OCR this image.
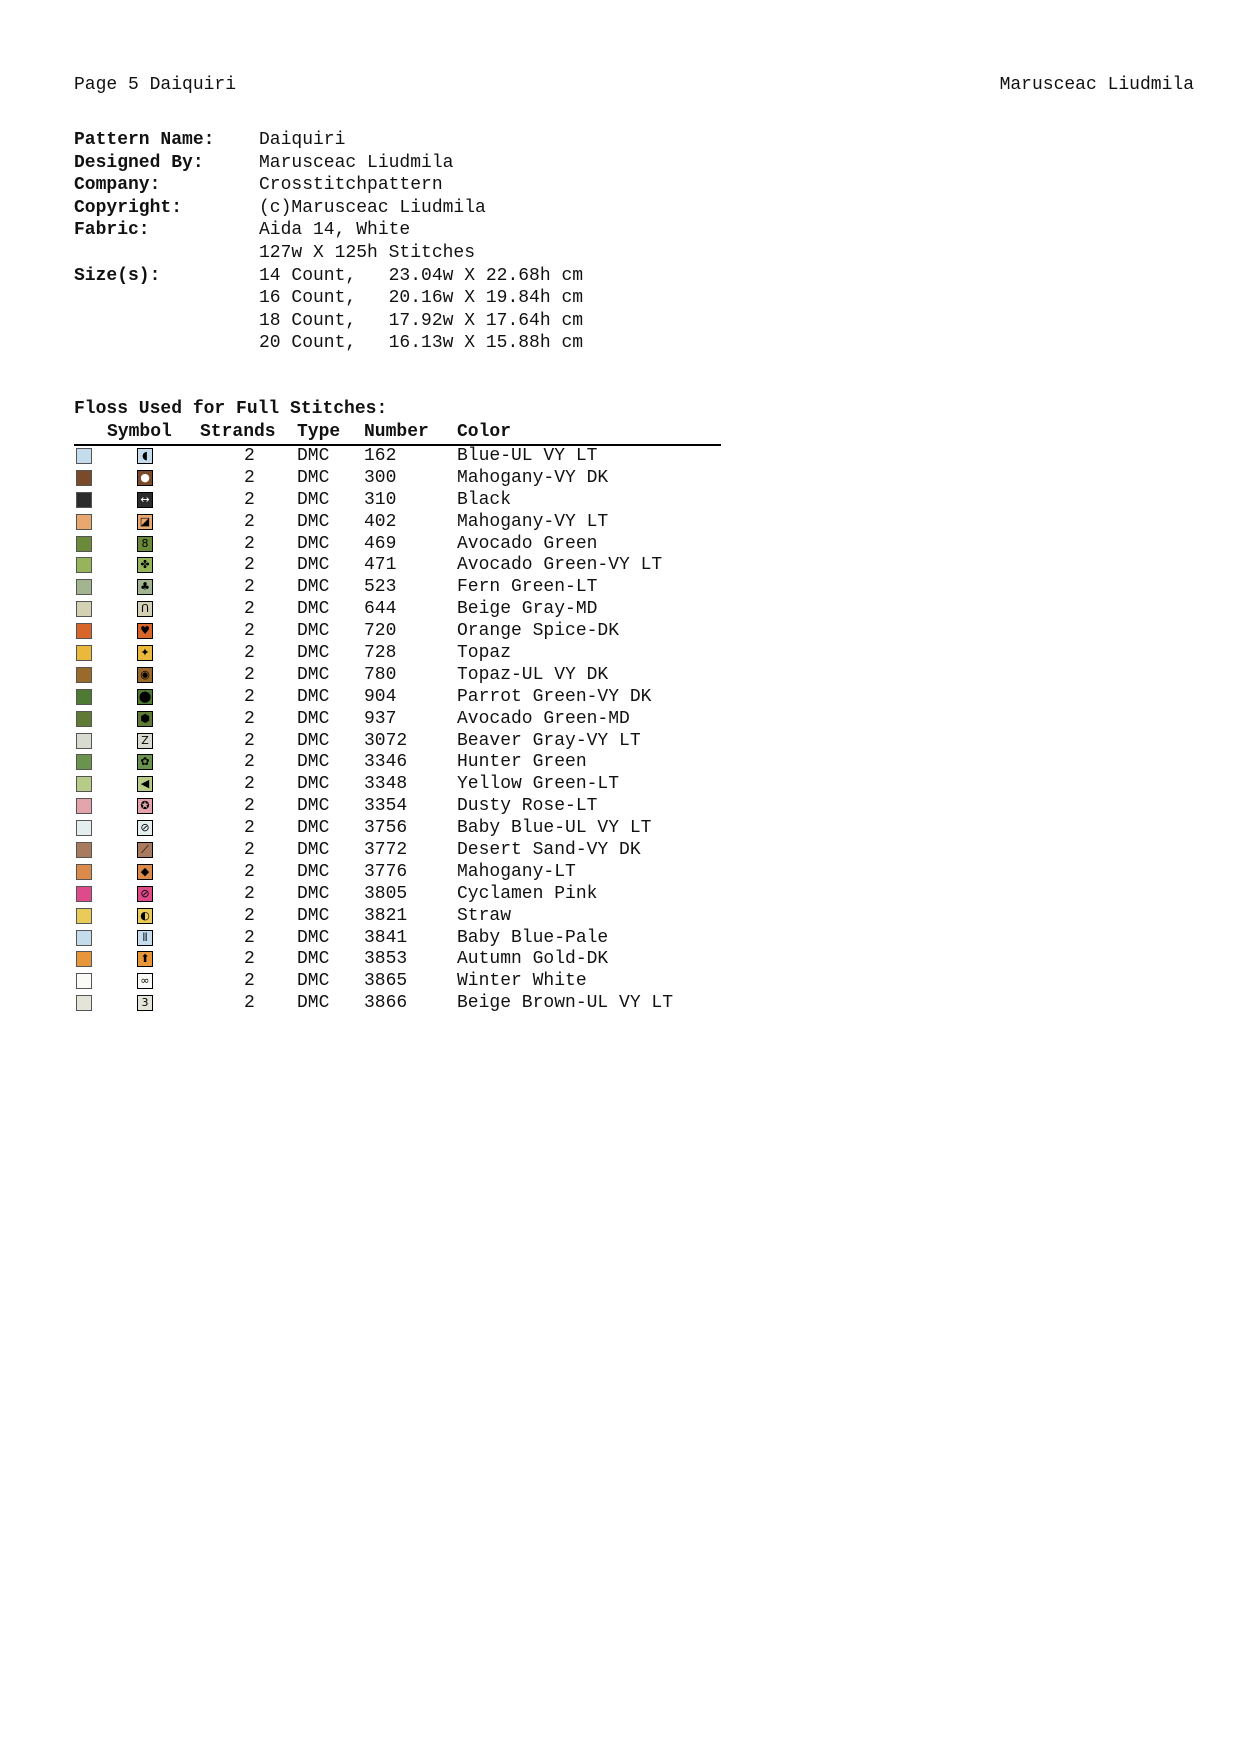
Page 5 Daiquiri	Marusceac Liudmila
Pattern Name:	Daiquiri
Designed By:	Marusceac Liudmila
Company:	Crosstitchpattern
Copyright:	(c)Marusceac Liudmila
Fabric:	Aida 14, White
127w X 125h Stitches
Size(s):	14 Count,   23.04w X 22.68h cm
16 Count,   20.16w X 19.84h cm
18 Count,   17.92w X 17.64h cm
20 Count,   16.13w X 15.88h cm
Floss Used for Full Stitches:
Symbol Strands Type Number Color
◖	2 DMC 162	Blue-UL VY LT
●	2 DMC 300	Mahogany-VY DK
↔	2 DMC 310	Black
◪	2 DMC 402	Mahogany-VY LT
8	2 DMC 469	Avocado Green
✤	2 DMC 471	Avocado Green-VY LT
♣	2 DMC 523	Fern Green-LT
Ո	2 DMC 644	Beige Gray-MD
♥	2 DMC 720	Orange Spice-DK
✦	2 DMC 728	Topaz
◉	2 DMC 780	Topaz-UL VY DK
⬤	2 DMC 904	Parrot Green-VY DK
⬢	2 DMC 937	Avocado Green-MD
Z	2 DMC 3072	Beaver Gray-VY LT
✿	2 DMC 3346	Hunter Green
◀	2 DMC 3348	Yellow Green-LT
✪	2 DMC 3354	Dusty Rose-LT
⊘	2 DMC 3756	Baby Blue-UL VY LT
⟋	2 DMC 3772	Desert Sand-VY DK
◆	2 DMC 3776	Mahogany-LT
⊘	2 DMC 3805	Cyclamen Pink
◐	2 DMC 3821	Straw
⦀	2 DMC 3841	Baby Blue-Pale
⬆	2 DMC 3853	Autumn Gold-DK
∞	2 DMC 3865	Winter White
3	2 DMC 3866	Beige Brown-UL VY LT
